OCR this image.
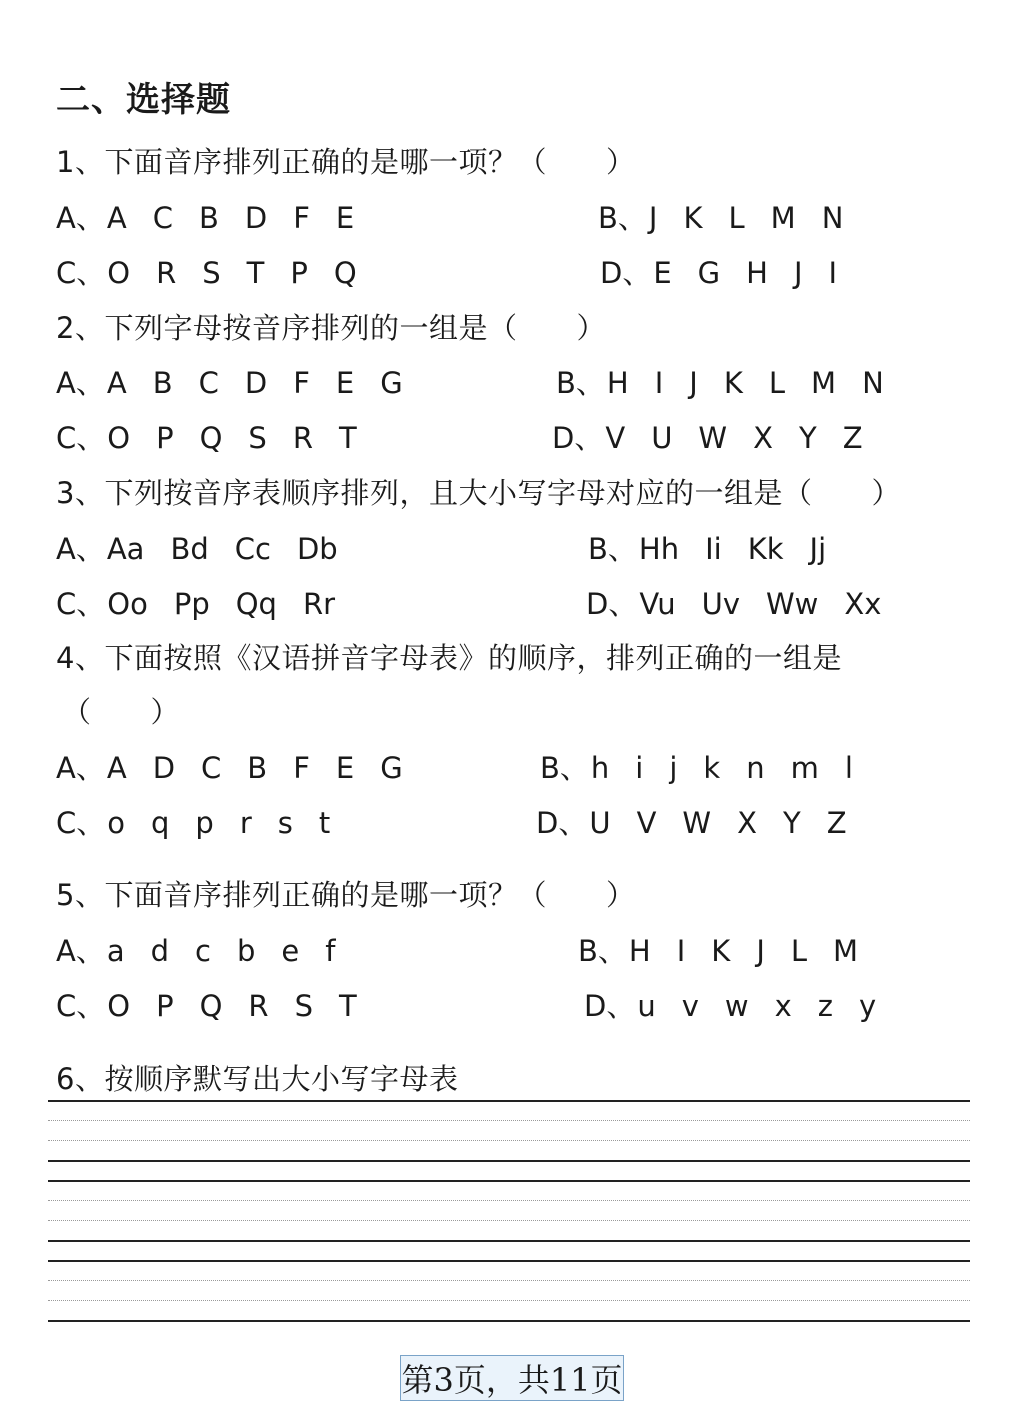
二、选择题
1、下面音序排列正确的是哪一项？（　　）
A、A C B D F E	B、J K L M N
C、O R S T P Q	D、E G H J I
2、下列字母按音序排列的一组是（　　）
A、A B C D F E G	B、H I J K L M N
C、O P Q S R T	D、V U W X Y Z
3、下列按音序表顺序排列，且大小写字母对应的一组是（　　）
A、Aa Bd Cc Db	B、Hh Ii Kk Jj
C、Oo Pp Qq Rr	D、Vu Uv Ww Xx
4、下面按照《汉语拼音字母表》的顺序，排列正确的一组是
（　　）
A、A D C B F E G	B、h i j k n m l
C、o q p r s t	D、U V W X Y Z
5、下面音序排列正确的是哪一项？（　　）
A、a d c b e f	B、H I K J L M
C、O P Q R S T	D、u v w x z y
6、按顺序默写出大小写字母表
第3页，共11页
